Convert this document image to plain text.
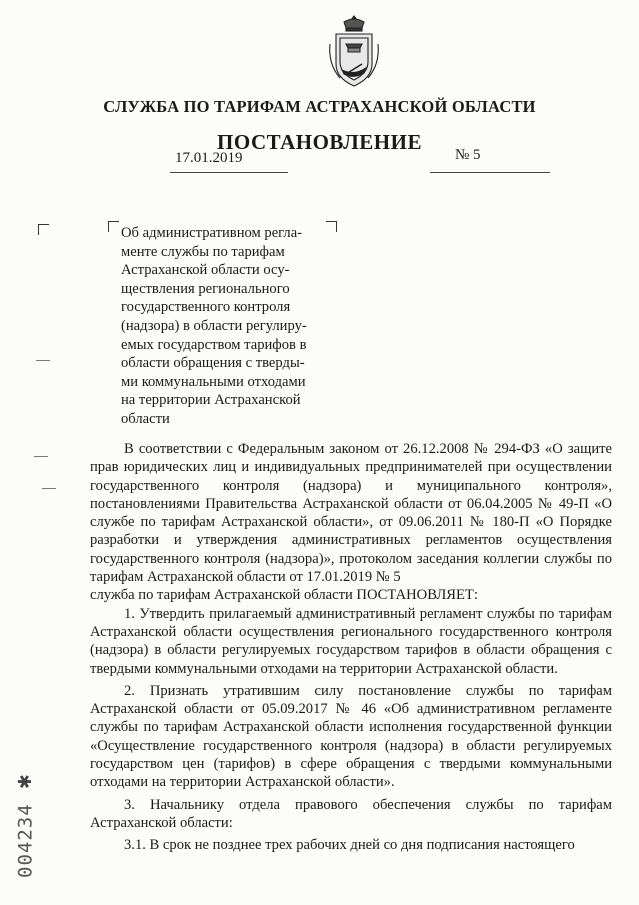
СЛУЖБА ПО ТАРИФАМ АСТРАХАНСКОЙ ОБЛАСТИ
ПОСТАНОВЛЕНИЕ
17.01.2019	№ 5
Об административном регла-
менте службы по тарифам
Астраханской области осу-
ществления регионального
государственного контроля
(надзора) в области регулиру-
емых государством тарифов в
области обращения с тверды-
ми коммунальными отходами
на территории Астраханской
области

В соответствии с Федеральным законом от 26.12.2008 № 294-ФЗ «О защите прав юридических лиц и индивидуальных предпринимателей при осуществлении государственного контроля (надзора) и муниципального контроля», постановлениями Правительства Астраханской области от 06.04.2005 № 49-П «О службе по тарифам Астраханской области», от 09.06.2011 № 180-П «О Порядке разработки и утверждения административных регламентов осуществления государственного контроля (надзора)», протоколом заседания коллегии службы по тарифам Астраханской области от 17.01.2019 № 5

служба по тарифам Астраханской области ПОСТАНОВЛЯЕТ:

1. Утвердить прилагаемый административный регламент службы по тарифам Астраханской области осуществления регионального государственного контроля (надзора) в области регулируемых государством тарифов в области обращения с твердыми коммунальными отходами на территории Астраханской области.

2. Признать утратившим силу постановление службы по тарифам Астраханской области от 05.09.2017 № 46 «Об административном регламенте службы по тарифам Астраханской области исполнения государственной функции «Осуществление государственного контроля (надзора) в области регулируемых государством цен (тарифов) в сфере обращения с твердыми коммунальными отходами на территории Астраханской области».

3. Начальнику отдела правового обеспечения службы по тарифам Астраханской области:

3.1. В срок не позднее трех рабочих дней со дня подписания настоящего

✱
004234
